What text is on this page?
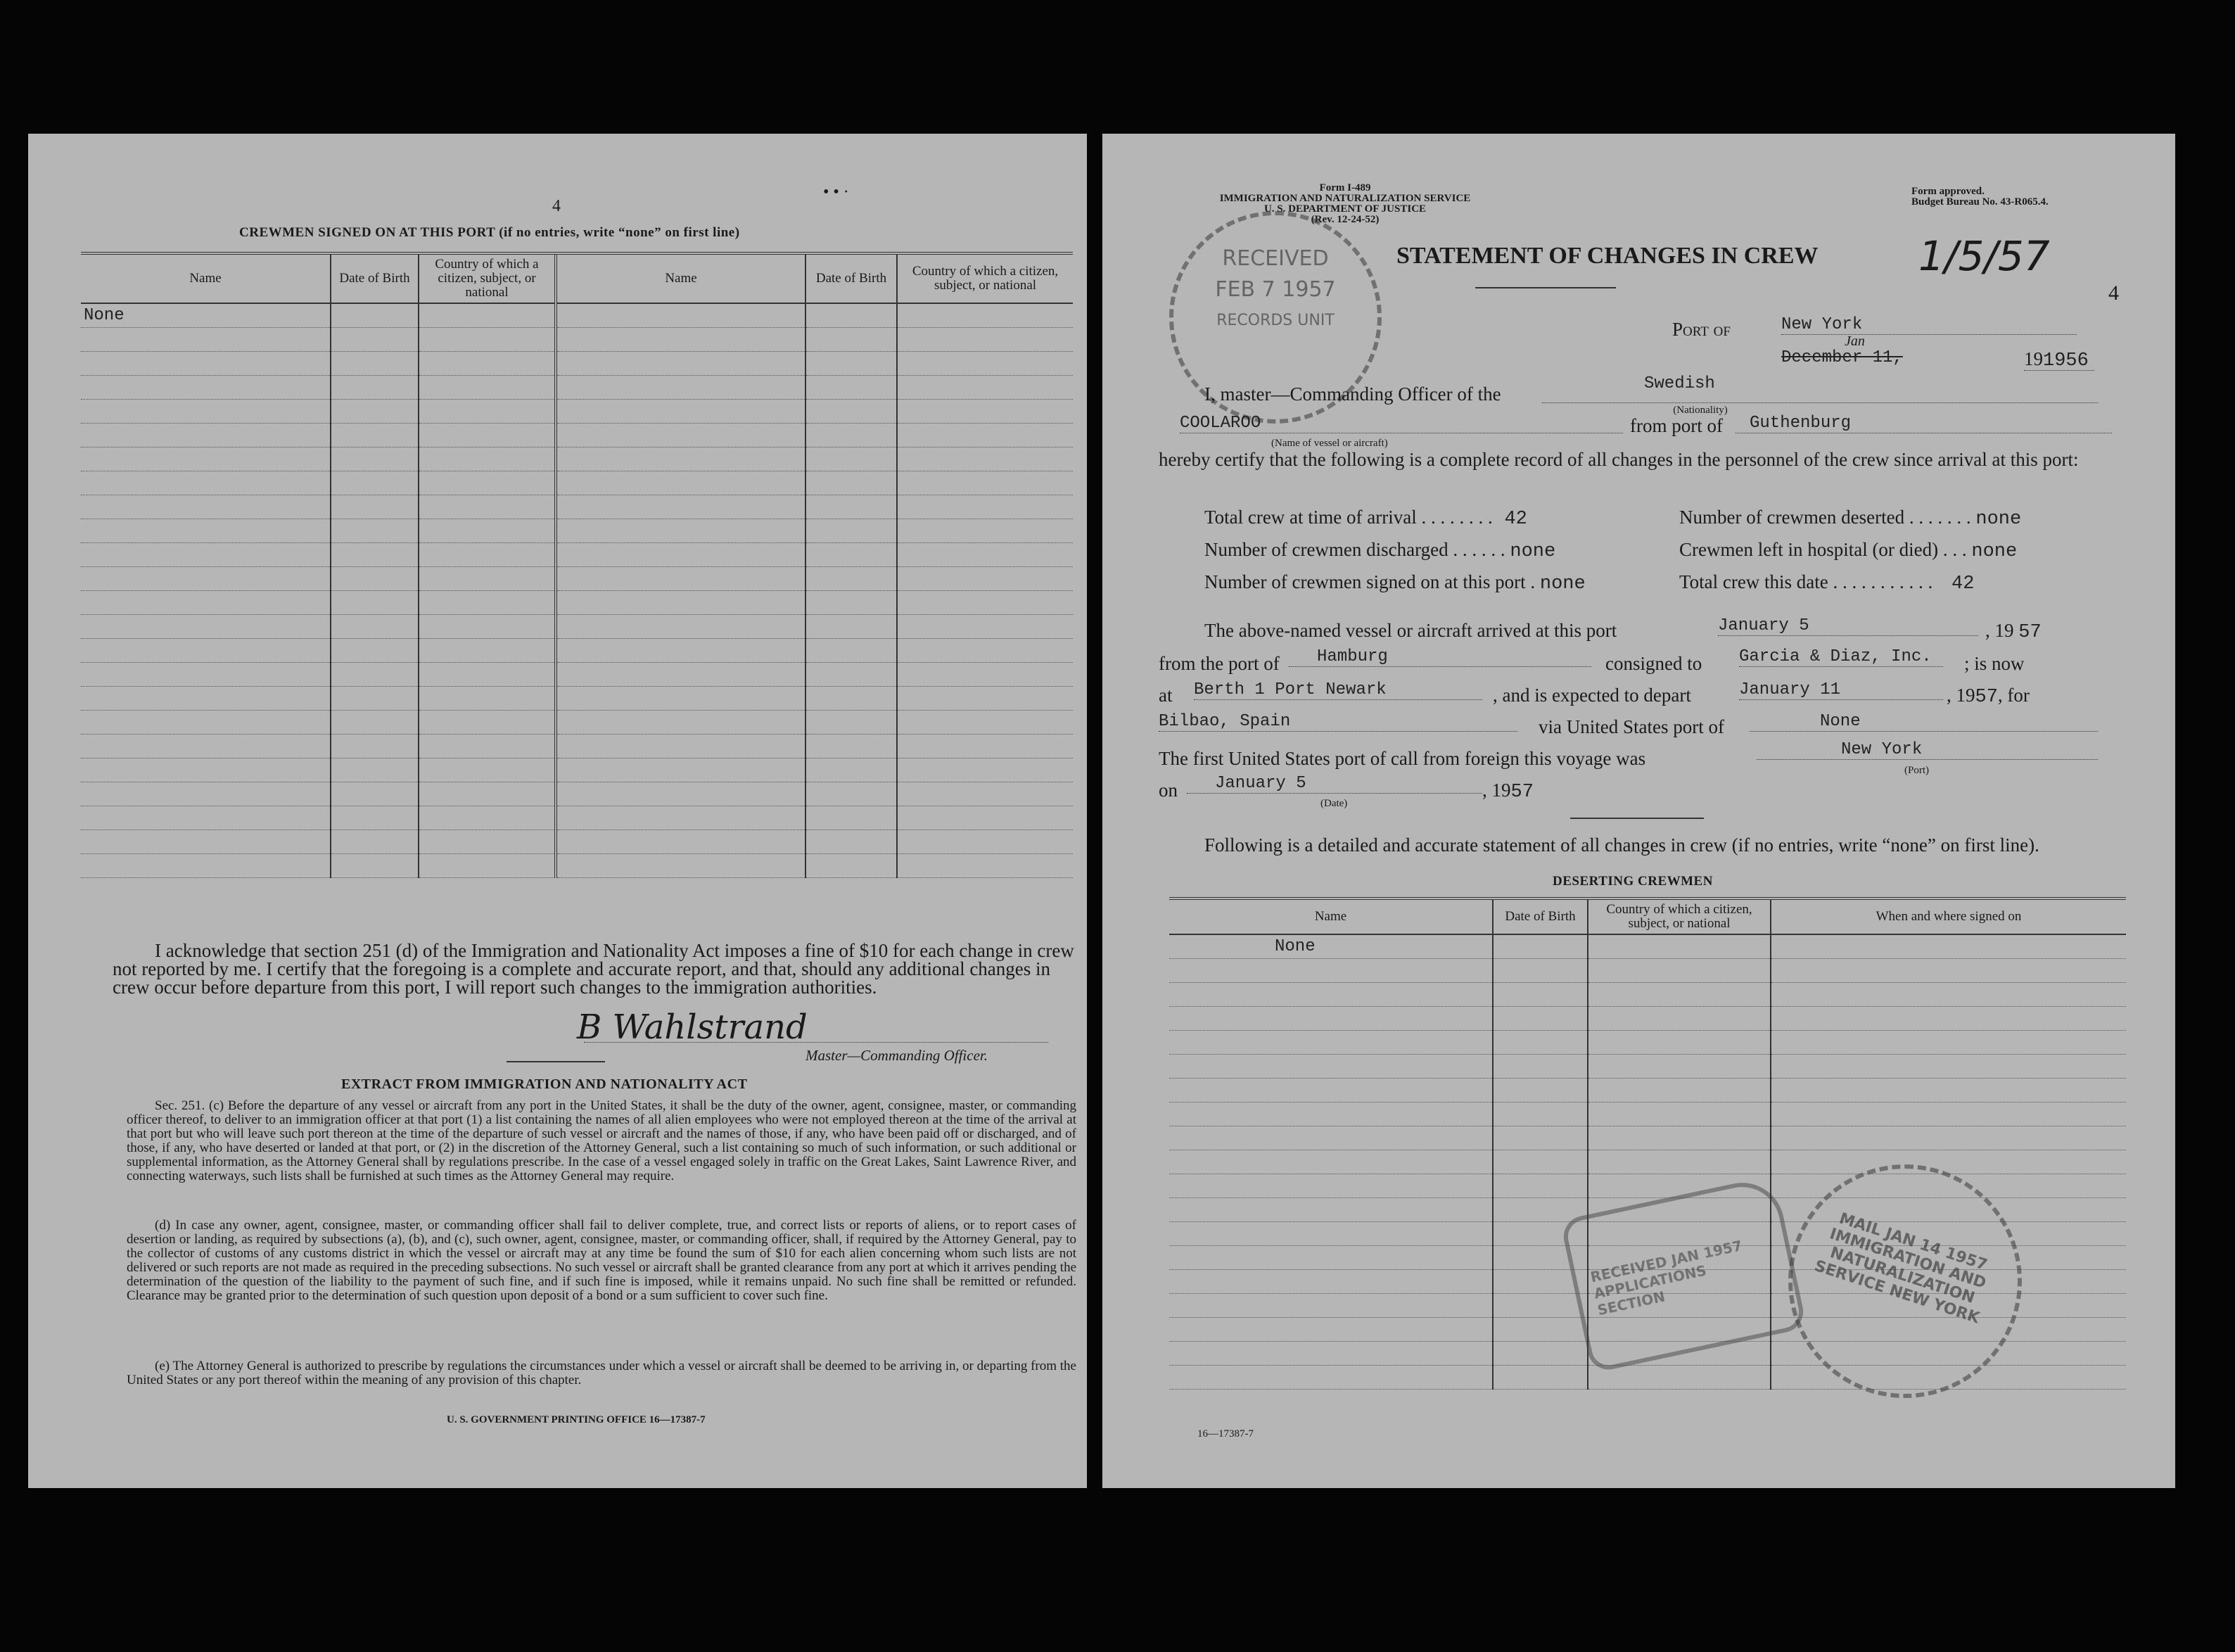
4
• • ·
CREWMEN SIGNED ON AT THIS PORT (if no entries, write “none” on first line)
Name	Date of Birth	Country of which a citizen, subject, or national	Name	Date of Birth	Country of which a citizen, subject, or national
None					

I acknowledge that section 251 (d) of the Immigration and Nationality Act imposes a fine of $10 for each change in crew not reported by me. I certify that the foregoing is a complete and accurate report, and that, should any additional changes in crew occur before departure from this port, I will report such changes to the immigration authorities.
B Wahlstrand
Master—Commanding Officer.
EXTRACT FROM IMMIGRATION AND NATIONALITY ACT
Sec. 251. (c) Before the departure of any vessel or aircraft from any port in the United States, it shall be the duty of the owner, agent, consignee, master, or commanding officer thereof, to deliver to an immigration officer at that port (1) a list containing the names of all alien employees who were not employed thereon at the time of the arrival at that port but who will leave such port thereon at the time of the departure of such vessel or aircraft and the names of those, if any, who have been paid off or discharged, and of those, if any, who have deserted or landed at that port, or (2) in the discretion of the Attorney General, such a list containing so much of such information, or such additional or supplemental information, as the Attorney General shall by regulations prescribe. In the case of a vessel engaged solely in traffic on the Great Lakes, Saint Lawrence River, and connecting waterways, such lists shall be furnished at such times as the Attorney General may require.
(d) In case any owner, agent, consignee, master, or commanding officer shall fail to deliver complete, true, and correct lists or reports of aliens, or to report cases of desertion or landing, as required by subsections (a), (b), and (c), such owner, agent, consignee, master, or commanding officer, shall, if required by the Attorney General, pay to the collector of customs of any customs district in which the vessel or aircraft may at any time be found the sum of $10 for each alien concerning whom such lists are not delivered or such reports are not made as required in the preceding subsections. No such vessel or aircraft shall be granted clearance from any port at which it arrives pending the determination of the question of the liability to the payment of such fine, and if such fine is imposed, while it remains unpaid. No such fine shall be remitted or refunded. Clearance may be granted prior to the determination of such question upon deposit of a bond or a sum sufficient to cover such fine.
(e) The Attorney General is authorized to prescribe by regulations the circumstances under which a vessel or aircraft shall be deemed to be arriving in, or departing from the United States or any port thereof within the meaning of any provision of this chapter.
U. S. GOVERNMENT PRINTING OFFICE 16—17387-7
Form I-489
IMMIGRATION AND NATURALIZATION SERVICE
U. S. DEPARTMENT OF JUSTICE
(Rev. 12-24-52)
Form approved.
Budget Bureau No. 43-R065.4.
RECEIVED
FEB 7 1957
RECORDS UNIT
STATEMENT OF CHANGES IN CREW 1/5/57
4
Port of	New York
Jan
December 11,	191956
I, master—Commanding Officer of the	Swedish
(Nationality)
COOLAROO
(Name of vessel or aircraft)
from port of	Guthenburg
hereby certify that the following is a complete record of all changes in the personnel of the crew since arrival at this port:
Total crew at time of arrival . . . . . . . . 42
Number of crewmen discharged . . . . . . none
Number of crewmen signed on at this port . none
Number of crewmen deserted . . . . . . . none
Crewmen left in hospital (or died) . . . none
Total crew this date . . . . . . . . . . . 42
The above-named vessel or aircraft arrived at this port	January 5	, 19 57
from the port of	Hamburg	consigned to Garcia & Diaz, Inc.	; is now
at Berth 1 Port Newark	, and is expected to depart	January 11	, 1957, for
Bilbao, Spain	via United States port of	None
The first United States port of call from foreign this voyage was	New York
(Port)
on	January 5	, 1957
(Date)
Following is a detailed and accurate statement of all changes in crew (if no entries, write “none” on first line).
DESERTING CREWMEN
Name	Date of Birth	Country of which a citizen, subject, or national	When and where signed on
None			

RECEIVED JAN 1957 APPLICATIONS SECTION
MAIL JAN 14 1957 IMMIGRATION AND NATURALIZATION SERVICE NEW YORK
16—17387-7
